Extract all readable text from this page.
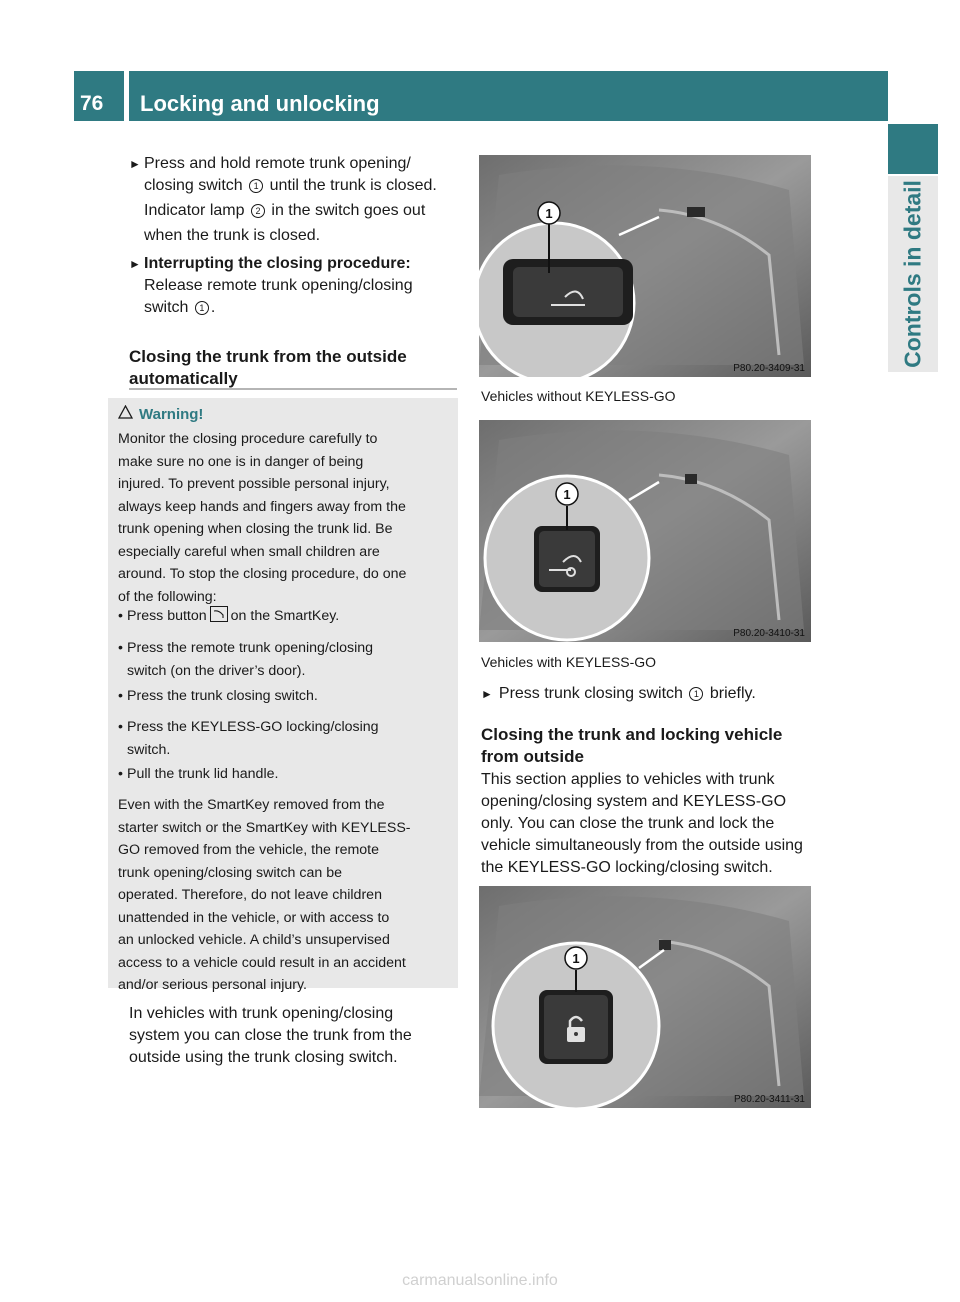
76 Locking and unlocking
Controls in detail
► Press and hold remote trunk opening/
closing switch 1 until the trunk is closed.
Indicator lamp 2 in the switch goes out
when the trunk is closed.
► Interrupting the closing procedure:
Release remote trunk opening/closing
switch 1 .
Closing the trunk from the outside
automatically
Warning!
Monitor the closing procedure carefully to
make sure no one is in danger of being
injured. To prevent possible personal injury,
always keep hands and fingers away from the
trunk opening when closing the trunk lid. Be
especially careful when small children are
around. To stop the closing procedure, do one
of the following:
• Press button on the SmartKey.
• Press the remote trunk opening/closing
switch (on the driver’s door).
• Press the trunk closing switch.
• Press the KEYLESS-GO locking/closing
switch.
• Pull the trunk lid handle.
Even with the SmartKey removed from the
starter switch or the SmartKey with KEYLESS-
GO removed from the vehicle, the remote
trunk opening/closing switch can be
operated. Therefore, do not leave children
unattended in the vehicle, or with access to
an unlocked vehicle. A child’s unsupervised
access to a vehicle could result in an accident
and/or serious personal injury.
In vehicles with trunk opening/closing
system you can close the trunk from the
outside using the trunk closing switch.
1
P80.20-3409-31
Vehicles without KEYLESS-GO
1
P80.20-3410-31
Vehicles with KEYLESS-GO
► Press trunk closing switch 1 briefly.
Closing the trunk and locking vehicle
from outside
This section applies to vehicles with trunk
opening/closing system and KEYLESS-GO
only. You can close the trunk and lock the
vehicle simultaneously from the outside using
the KEYLESS-GO locking/closing switch.
1
P80.20-3411-31
carmanualsonline.info
